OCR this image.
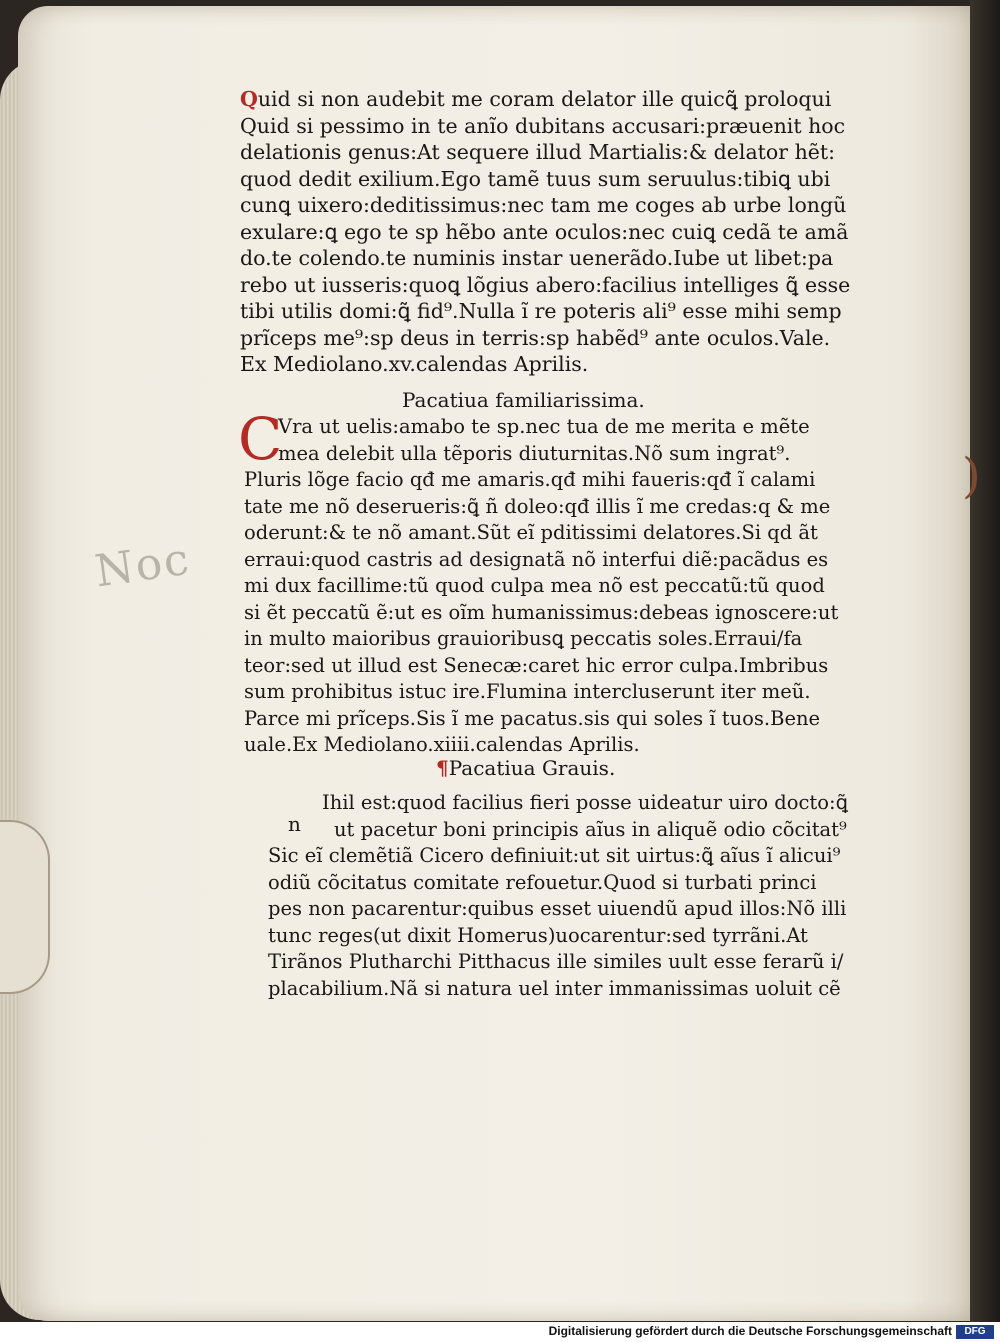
Noc
)
Quid si non audebit me coram delator ille quicꝗ̃ proloqui
Quid si pessimo in te anĩo dubitans accusari:præuenit hoc
delationis genus:At sequere illud Martialis:& delator hẽt:
quod dedit exilium.Ego tamẽ tuus sum seruulus:tibiꝗ ubi
cunꝗ uixero:deditissimus:nec tam me coges ab urbe longũ
exulare:ꝗ ego te sp hẽbo ante oculos:nec cuiꝗ cedã te amã
do.te colendo.te numinis instar uenerãdo.Iube ut libet:pa
rebo ut iusseris:quoꝗ lõgius abero:facilius intelliges ꝗ̃ esse
tibi utilis domi:ꝗ̃ fid⁹.Nulla ĩ re poteris ali⁹ esse mihi semp
prĩceps me⁹:sp deus in terris:sp habẽd⁹ ante oculos.Vale.
Ex Mediolano.xv.calendas Aprilis.
Pacatiua familiarissima.
C
Vra ut uelis:amabo te sp.nec tua de me merita e mẽte
mea delebit ulla tẽporis diuturnitas.Nõ sum ingrat⁹.
Pluris lõge facio qđ me amaris.qđ mihi faueris:qđ ĩ calami
tate me nõ deserueris:ꝗ̃ ñ doleo:qđ illis ĩ me credas:q & me
oderunt:& te nõ amant.Sũt eĩ pditissimi delatores.Si qd ãt
erraui:quod castris ad designatã nõ interfui diẽ:pacãdus es
mi dux facillime:tũ quod culpa mea nõ est peccatũ:tũ quod
si ẽt peccatũ ẽ:ut es oĩm humanissimus:debeas ignoscere:ut
in multo maioribus grauioribusꝗ peccatis soles.Erraui/fa
teor:sed ut illud est Senecæ:caret hic error culpa.Imbribus
sum prohibitus istuc ire.Flumina intercluserunt iter meũ.
Parce mi prĩceps.Sis ĩ me pacatus.sis qui soles ĩ tuos.Bene
uale.Ex Mediolano.xiiii.calendas Aprilis.
¶Pacatiua Grauis.
n
Ihil est:quod facilius fieri posse uideatur uiro docto:ꝗ̃
ut pacetur boni principis aĩus in aliquẽ odio cõcitat⁹
Sic eĩ clemẽtiã Cicero definiuit:ut sit uirtus:ꝗ̃ aĩus ĩ alicui⁹
odiũ cõcitatus comitate refouetur.Quod si turbati princi
pes non pacarentur:quibus esset uiuendũ apud illos:Nõ illi
tunc reges(ut dixit Homerus)uocarentur:sed tyrrãni.At
Tirãnos Plutharchi Pitthacus ille similes uult esse ferarũ i/
placabilium.Nã si natura uel inter immanissimas uoluit cẽ
Digitalisierung gefördert durch die Deutsche Forschungsgemeinschaft	DFG
